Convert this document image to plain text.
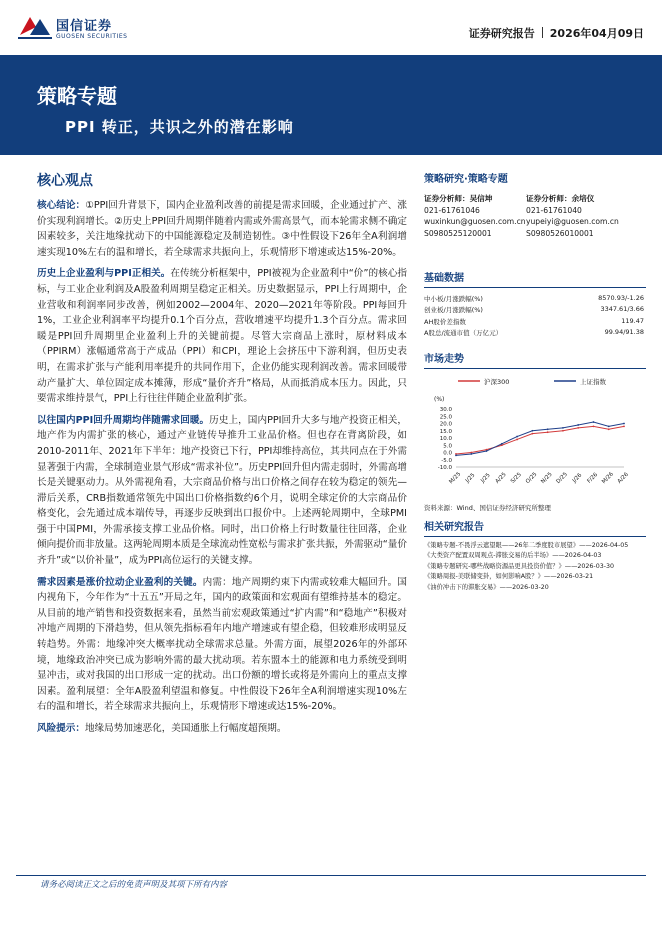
国信证券
GUOSEN SECURITIES	证券研究报告 2026年04月09日
策略专题
PPI 转正，共识之外的潜在影响
核心观点

核心结论：①PPI回升背景下，国内企业盈利改善的前提是需求回暖，企业通过扩产、涨价实现利润增长。②历史上PPI回升周期伴随着内需或外需高景气，而本轮需求侧不确定因素较多，关注地缘扰动下的中国能源稳定及制造韧性。③中性假设下26年全A利润增速实现10%左右的温和增长，若全球需求共振向上，乐观情形下增速或达15%-20%。

历史上企业盈利与PPI正相关。在传统分析框架中，PPI被视为企业盈利中“价”的核心指标，与工业企业利润及A股盈利周期呈稳定正相关。历史数据显示，PPI上行周期中，企业营收和利润率同步改善，例如2002—2004年、2020—2021年等阶段。PPI每回升1%，工业企业利润率平均提升0.1个百分点，营收增速平均提升1.3个百分点。需求回暖是PPI回升周期里企业盈利上升的关键前提。尽管大宗商品上涨时，原材料成本（PPIRM）涨幅通常高于产成品（PPI）和CPI，理论上会挤压中下游利润，但历史表明，在需求扩张与产能利用率提升的共同作用下，企业仍能实现利润改善。需求回暖带动产量扩大、单位固定成本摊薄，形成“量价齐升”格局，从而抵消成本压力。因此，只要需求维持景气，PPI上行往往伴随企业盈利扩张。

以往国内PPI回升周期均伴随需求回暖。历史上，国内PPI回升大多与地产投资正相关，地产作为内需扩张的核心，通过产业链传导推升工业品价格。但也存在背离阶段，如2010-2011年、2021年下半年：地产投资已下行，PPI却维持高位，其共同点在于外需显著强于内需，全球制造业景气形成“需求补位”。历史PPI回升但内需走弱时，外需高增长是关键驱动力。从外需视角看，大宗商品价格与出口价格之间存在较为稳定的领先—滞后关系，CRB指数通常领先中国出口价格指数约6个月，说明全球定价的大宗商品价格变化，会先通过成本端传导，再逐步反映到出口报价中。上述两轮周期中，全球PMI强于中国PMI，外需承接支撑工业品价格。同时，出口价格上行时数量往往回落，企业倾向提价而非放量。这两轮周期本质是全球流动性宽松与需求扩张共振，外需驱动“量价齐升”或“以价补量”，成为PPI高位运行的关键支撑。

需求因素是涨价拉动企业盈利的关键。内需：地产周期约束下内需或较难大幅回升。国内视角下，今年作为“十五五”开局之年，国内的政策面和宏观面有望维持基本的稳定。从目前的地产销售和投资数据来看，虽然当前宏观政策通过“扩内需”和“稳地产”积极对冲地产周期的下滑趋势，但从领先指标看年内地产增速或有望企稳，但较难形成明显反转趋势。外需：地缘冲突大概率扰动全球需求总量。外需方面，展望2026年的外部环境，地缘政治冲突已成为影响外需的最大扰动项。若东盟本土的能源和电力系统受到明显冲击，或对我国的出口形成一定的扰动。出口份额的增长或将是外需向上的重点支撑因素。盈利展望：全年A股盈利望温和修复。中性假设下26年全A利润增速实现10%左右的温和增长，若全球需求共振向上，乐观情形下增速或达15%-20%。

风险提示：地缘局势加速恶化，美国通胀上行幅度超预期。

策略研究·策略专题
证券分析师：吴信坤
021-61761046
wuxinkun@guosen.com.cn
S0980525120001
证券分析师：余培仪
021-61761040
yupeiyi@guosen.com.cn
S0980526010001
基础数据
中小板/月涨跌幅(%)	8570.93/-1.26
创业板/月涨跌幅(%)	3347.61/3.66
AH股价差指数	119.47
A股总/流通市值（万亿元）	99.94/91.38
市场走势
沪深300	上证指数
(%)
-10.0
-5.0
0.0
5.0
10.0
15.0
20.0
25.0
30.0
M/25 J/25 J/25 A/25 S/25 O/25 N/25 D/25 J/26 F/26 M/26 A/26
资料来源：Wind、国信证券经济研究所整理
相关研究报告
《策略专题-不畏浮云遮望眼——26年二季度股市展望》——2026-04-05
《大类资产配置双周观点-滞胀交易的后半场》——2026-04-03
《策略专题研究-哪些战略资源品更具投资价值？》——2026-03-30
《策略周报-美联储变卦，如何影响A股？》——2026-03-21
《油价冲击下的滞胀交易》——2026-03-20
请务必阅读正文之后的免责声明及其项下所有内容
